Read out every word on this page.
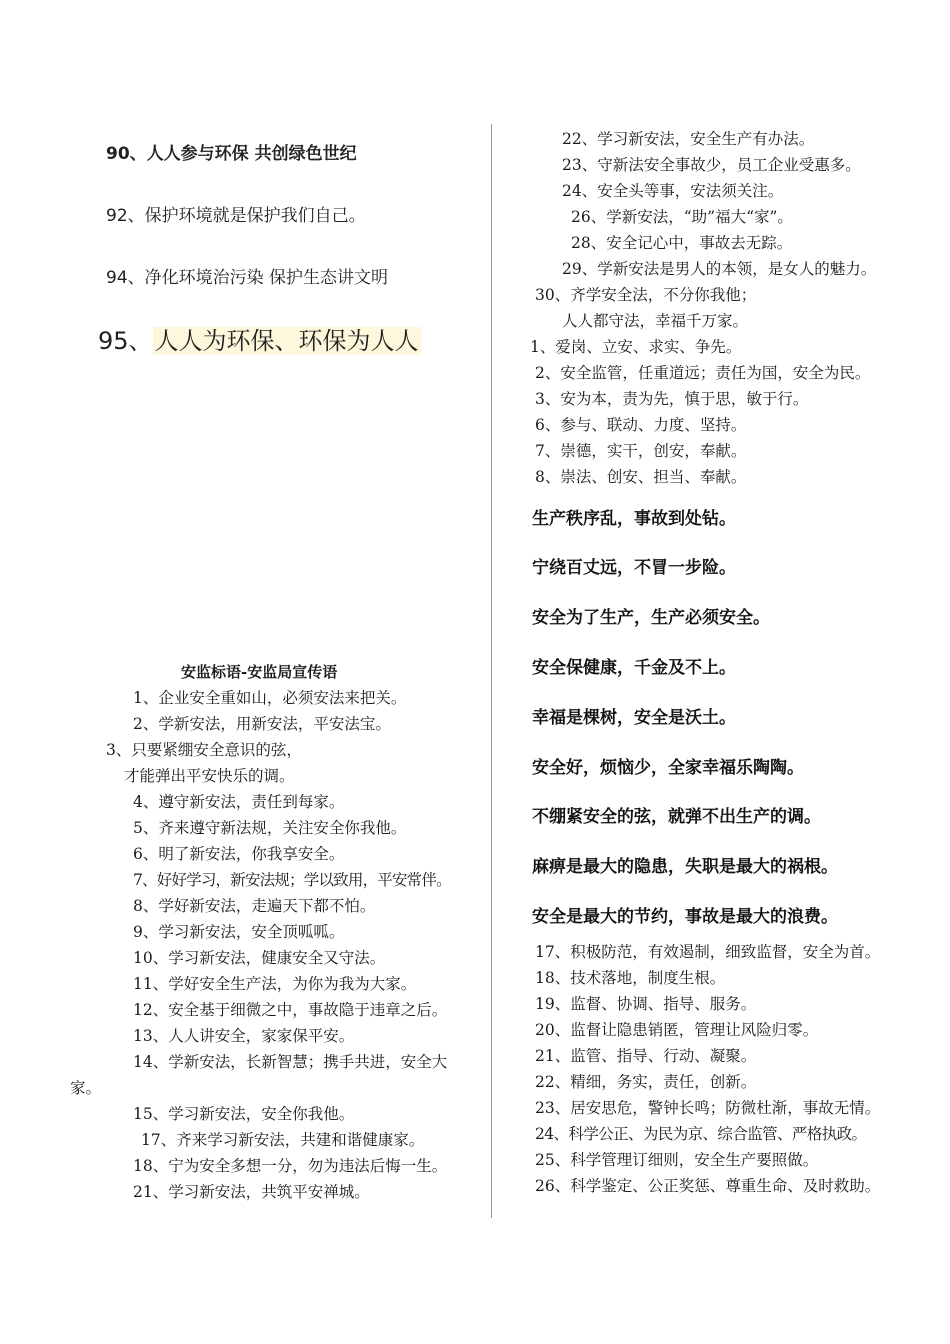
90、人人参与环保 共创绿色世纪
92、保护环境就是保护我们自己。
94、净化环境治污染 保护生态讲文明
95、人人为环保、环保为人人
安监标语-安监局宣传语
1、企业安全重如山，必须安法来把关。
2、学新安法，用新安法，平安法宝。
3、只要紧绷安全意识的弦，
才能弹出平安快乐的调。
4、遵守新安法，责任到每家。
5、齐来遵守新法规，关注安全你我他。
6、明了新安法，你我享安全。
7、好好学习，新安法规；学以致用，平安常伴。
8、学好新安法，走遍天下都不怕。
9、学习新安法，安全顶呱呱。
10、学习新安法，健康安全又守法。
11、学好安全生产法，为你为我为大家。
12、安全基于细微之中，事故隐于违章之后。
13、人人讲安全，家家保平安。
14、学新安法，长新智慧；携手共进，安全大
家。
15、学习新安法，安全你我他。
17、齐来学习新安法，共建和谐健康家。
18、宁为安全多想一分，勿为违法后悔一生。
21、学习新安法，共筑平安禅城。
22、学习新安法，安全生产有办法。
23、守新法安全事故少，员工企业受惠多。
24、安全头等事，安法须关注。
26、学新安法，“助”福大“家”。
28、安全记心中，事故去无踪。
29、学新安法是男人的本领，是女人的魅力。
30、齐学安全法，不分你我他；
人人都守法，幸福千万家。
1、爱岗、立安、求实、争先。
2、安全监管，任重道远；责任为国，安全为民。
3、安为本，责为先，慎于思，敏于行。
6、参与、联动、力度、坚持。
7、崇德，实干，创安，奉献。
8、崇法、创安、担当、奉献。
生产秩序乱，事故到处钻。
宁绕百丈远，不冒一步险。
安全为了生产，生产必须安全。
安全保健康，千金及不上。
幸福是棵树，安全是沃土。
安全好，烦恼少，全家幸福乐陶陶。
不绷紧安全的弦，就弹不出生产的调。
麻痹是最大的隐患，失职是最大的祸根。
安全是最大的节约，事故是最大的浪费。
17、积极防范，有效遏制，细致监督，安全为首。
18、技术落地，制度生根。
19、监督、协调、指导、服务。
20、监督让隐患销匿，管理让风险归零。
21、监管、指导、行动、凝聚。
22、精细，务实，责任，创新。
23、居安思危，警钟长鸣；防微杜渐，事故无情。
24、科学公正、为民为京、综合监管、严格执政。
25、科学管理订细则，安全生产要照做。
26、科学鉴定、公正奖惩、尊重生命、及时救助。
